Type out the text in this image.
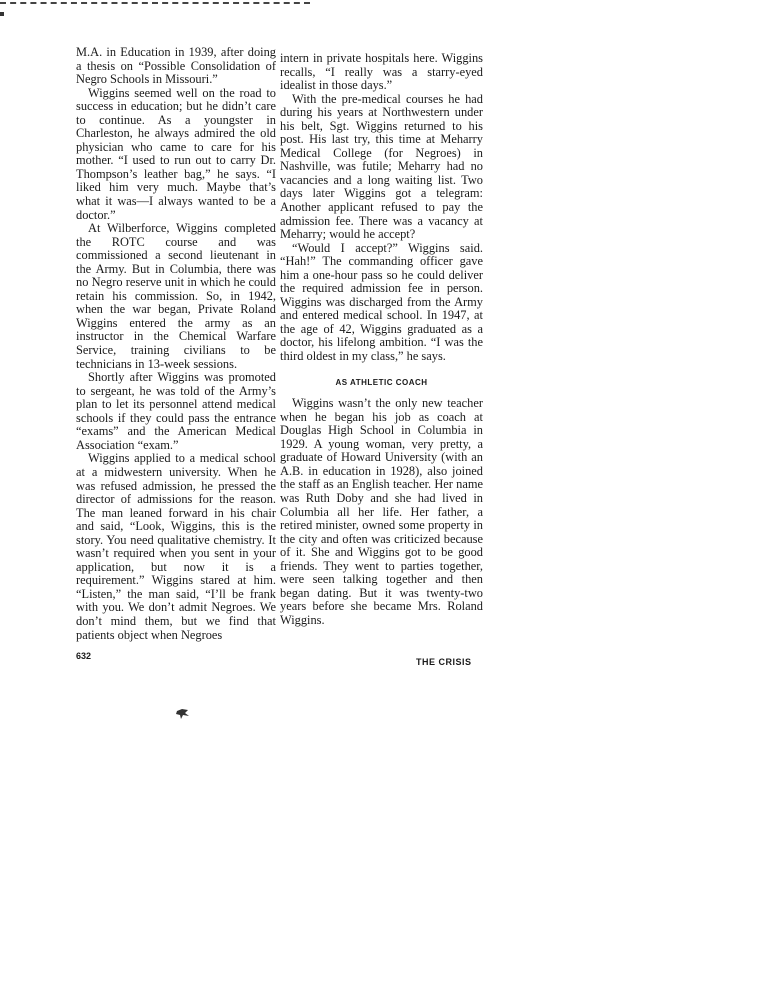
M.A. in Education in 1939, after doing a thesis on “Possible Consolidation of Negro Schools in Missouri.”

Wiggins seemed well on the road to success in education; but he didn’t care to continue. As a youngster in Charleston, he always admired the old physician who came to care for his mother. “I used to run out to carry Dr. Thompson’s leather bag,” he says. “I liked him very much. Maybe that’s what it was—I always wanted to be a doctor.”

At Wilberforce, Wiggins completed the ROTC course and was commissioned a second lieutenant in the Army. But in Columbia, there was no Negro reserve unit in which he could retain his commission. So, in 1942, when the war began, Private Roland Wiggins entered the army as an instructor in the Chemical Warfare Service, training civilians to be technicians in 13-week sessions.

Shortly after Wiggins was promoted to sergeant, he was told of the Army’s plan to let its personnel attend medical schools if they could pass the entrance “exams” and the American Medical Association “exam.”

Wiggins applied to a medical school at a midwestern university. When he was refused admission, he pressed the director of admissions for the reason. The man leaned forward in his chair and said, “Look, Wiggins, this is the story. You need qualitative chemistry. It wasn’t required when you sent in your application, but now it is a requirement.” Wiggins stared at him. “Listen,” the man said, “I’ll be frank with you. We don’t admit Negroes. We don’t mind them, but we find that patients object when Negroes

intern in private hospitals here. Wiggins recalls, “I really was a starry-eyed idealist in those days.”

With the pre-medical courses he had during his years at Northwestern under his belt, Sgt. Wiggins returned to his post. His last try, this time at Meharry Medical College (for Negroes) in Nashville, was futile; Meharry had no vacancies and a long waiting list. Two days later Wiggins got a telegram: Another applicant refused to pay the admission fee. There was a vacancy at Meharry; would he accept?

“Would I accept?” Wiggins said. “Hah!” The commanding officer gave him a one-hour pass so he could deliver the required admission fee in person. Wiggins was discharged from the Army and entered medical school. In 1947, at the age of 42, Wiggins graduated as a doctor, his lifelong ambition. “I was the third oldest in my class,” he says.

AS ATHLETIC COACH

Wiggins wasn’t the only new teacher when he began his job as coach at Douglas High School in Columbia in 1929. A young woman, very pretty, a graduate of Howard University (with an A.B. in education in 1928), also joined the staff as an English teacher. Her name was Ruth Doby and she had lived in Columbia all her life. Her father, a retired minister, owned some property in the city and often was criticized because of it. She and Wiggins got to be good friends. They went to parties together, were seen talking together and then began dating. But it was twenty-two years before she became Mrs. Roland Wiggins.

632
THE CRISIS
